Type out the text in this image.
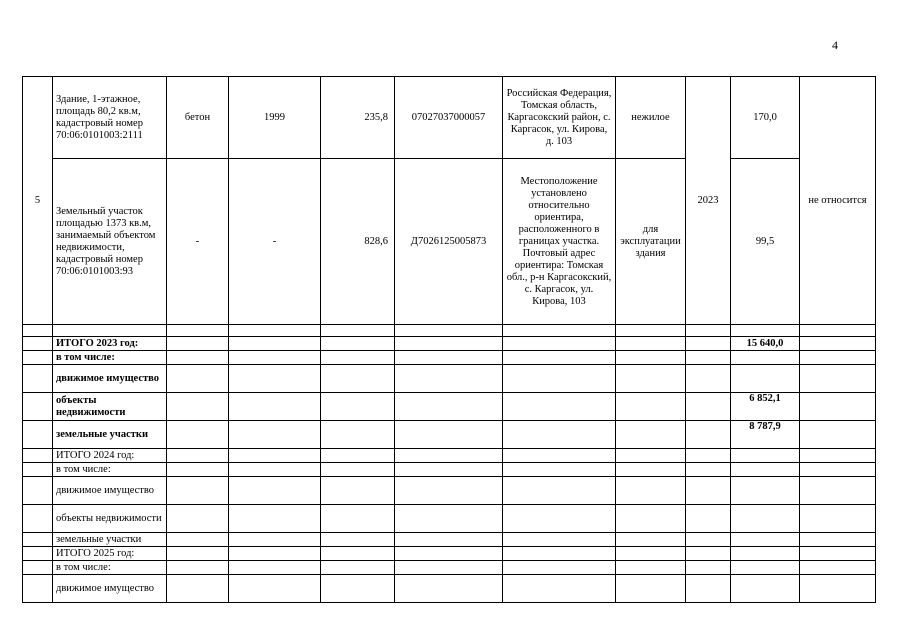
4
5	Здание, 1-этажное, площадь 80,2 кв.м, кадастровый номер 70:06:0101003:2111	бетон	1999	235,8	07027037000057	Российская Федерация, Томская область, Каргасокский район, с. Каргасок, ул. Кирова, д. 103	нежилое	2023	170,0	не относится
	Земельный участок площадью 1373 кв.м, занимаемый объектом недвижимости, кадастровый номер 70:06:0101003:93	-	-	828,6	Д7026125005873	Местоположение установлено относительно ориентира, расположенного в границах участка. Почтовый адрес ориентира: Томская обл., р-н Каргасокский, с. Каргасок, ул. Кирова, 103	для эксплуатации здания		99,5	

	ИТОГО 2023 год:								15 640,0	
	в том числе:									
	движимое имущество									
	объекты недвижимости								6 852,1	
	земельные участки								8 787,9	
	ИТОГО 2024 год:									
	в том числе:									
	движимое имущество									
	объекты недвижимости									
	земельные участки									
	ИТОГО 2025 год:									
	в том числе:									
	движимое имущество									
